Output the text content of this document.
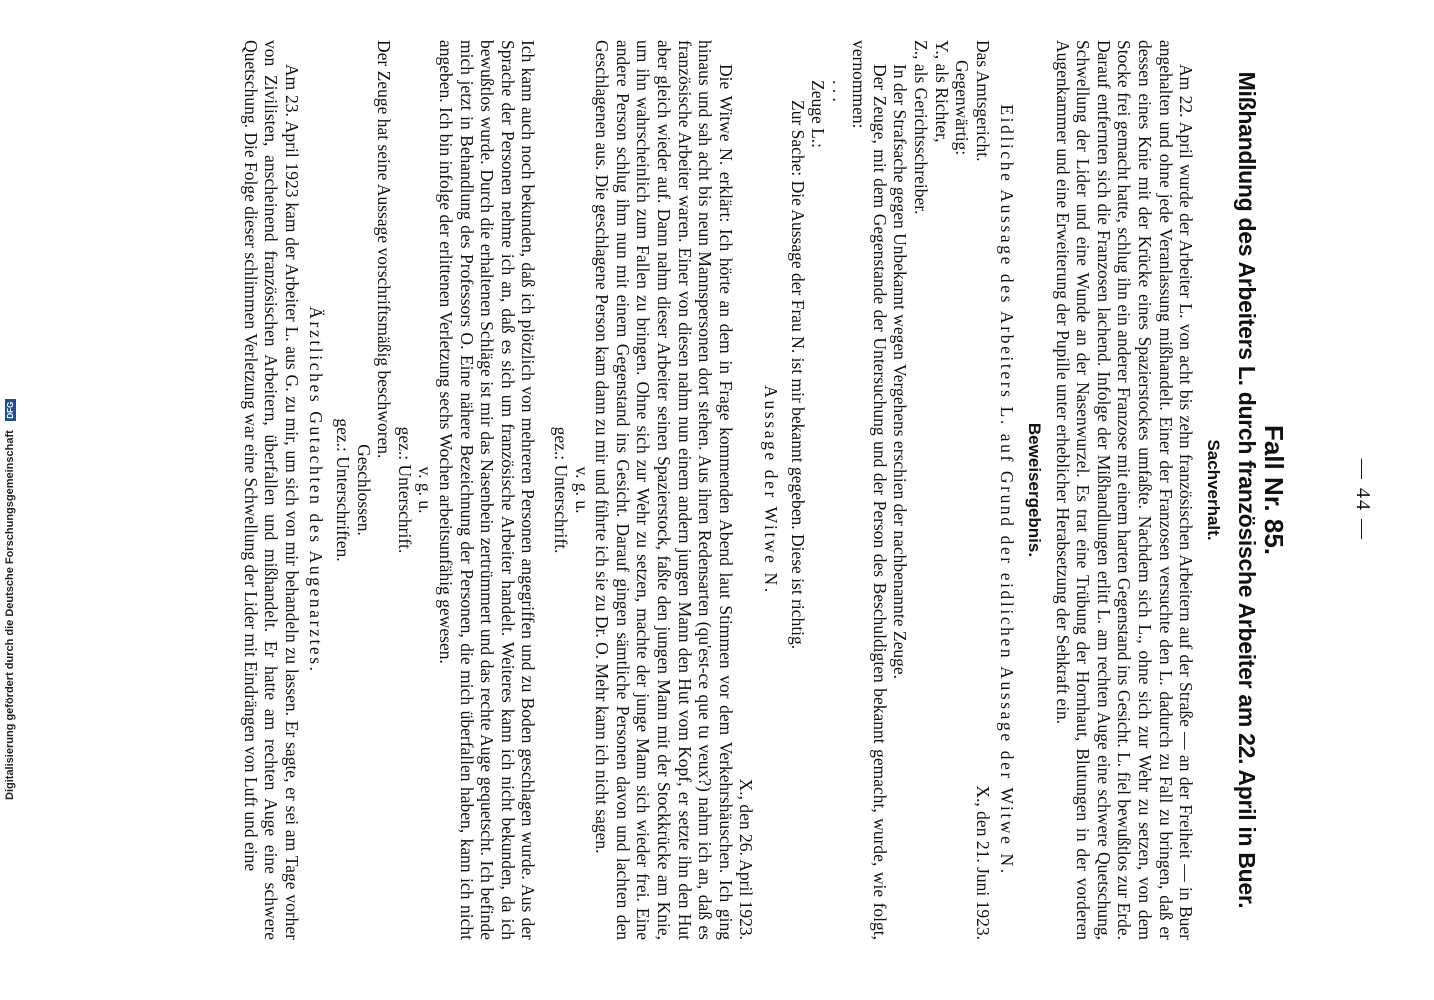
— 44 —
Fall Nr. 85.
Mißhandlung des Arbeiters L. durch französische Arbeiter am 22. April in Buer.
Sachverhalt.

Am 22. April wurde der Arbeiter L. von acht bis zehn französischen Arbeitern auf der Straße — an der Freiheit — in Buer angehalten und ohne jede Veranlassung mißhandelt. Einer der Franzosen versuchte den L. dadurch zu Fall zu bringen, daß er dessen eines Knie mit der Krücke eines Spazierstockes umfaßte. Nachdem sich L., ohne sich zur Wehr zu setzen, von dem Stocke frei gemacht hatte, schlug ihn ein anderer Franzose mit einem harten Gegenstand ins Gesicht. L. fiel bewußtlos zur Erde. Darauf entfernten sich die Franzosen lachend. Infolge der Mißhandlungen erlitt L. am rechten Auge eine schwere Quetschung, Schwellung der Lider und eine Wunde an der Nasenwurzel. Es trat eine Trübung der Hornhaut, Blutungen in der vorderen Augenkammer und eine Erweiterung der Pupille unter erheblicher Herabsetzung der Sehkraft ein.

Beweisergebnis.
Eidliche Aussage des Arbeiters L. auf Grund der eidlichen Aussage der Witwe N.
Das Amtsgericht.
X., den 21. Juni 1923.

Gegenwärtig:

Y., als Richter,

Z., als Gerichtsschreiber.

In der Strafsache gegen Unbekannt wegen Vergehens erschien der nachbenannte Zeuge.

Der Zeuge, mit dem Gegenstande der Untersuchung und der Person des Beschuldigten bekannt gemacht, wurde, wie folgt, vernommen:

. . .

Zeuge L.:

Zur Sache: Die Aussage der Frau N. ist mir bekannt gegeben. Diese ist richtig.

Aussage der Witwe N.

X., den 26. April 1923.

Die Witwe N. erklärt: Ich hörte an dem in Frage kommenden Abend laut Stimmen vor dem Verkehrshäuschen. Ich ging hinaus und sah acht bis neun Mannspersonen dort stehen. Aus ihren Redensarten (qu'est-ce que tu veux?) nahm ich an, daß es französische Arbeiter waren. Einer von diesen nahm nun einem andern jungen Mann den Hut vom Kopf, er setzte ihn den Hut aber gleich wieder auf. Dann nahm dieser Arbeiter seinen Spazierstock, faßte den jungen Mann mit der Stockkrücke am Knie, um ihn wahrscheinlich zum Fallen zu bringen. Ohne sich zur Wehr zu setzen, machte der junge Mann sich wieder frei. Eine andere Person schlug ihm nun mit einem Gegenstand ins Gesicht. Darauf gingen sämtliche Personen davon und lachten den Geschlagenen aus. Die geschlagene Person kam dann zu mir und führte ich sie zu Dr. O. Mehr kann ich nicht sagen.

v. g. u.

gez.: Unterschrift.

Ich kann auch noch bekunden, daß ich plötzlich von mehreren Personen angegriffen und zu Boden geschlagen wurde. Aus der Sprache der Personen nehme ich an, daß es sich um französische Arbeiter handelt. Weiteres kann ich nicht bekunden, da ich bewußtlos wurde. Durch die erhaltenen Schläge ist mir das Nasenbein zertrümmert und das rechte Auge gequetscht. Ich befinde mich jetzt in Behandlung des Professors O. Eine nähere Bezeichnung der Personen, die mich überfallen haben, kann ich nicht angeben. Ich bin infolge der erlittenen Verletzung sechs Wochen arbeitsunfähig gewesen.

v. g. u.

gez.: Unterschrift.

Der Zeuge hat seine Aussage vorschriftsmäßig beschworen.

Geschlossen.

gez.: Unterschriften.

Ärztliches Gutachten des Augenarztes.

Am 23. April 1923 kam der Arbeiter L. aus G. zu mir, um sich von mir behandeln zu lassen. Er sagte, er sei am Tage vorher von Zivilisten, anscheinend französischen Arbeitern, überfallen und mißhandelt. Er hatte am rechten Auge eine schwere Quetschung. Die Folge dieser schlimmen Verletzung war eine Schwellung der Lider mit Eindrängen von Luft und eine

Digitalisierung gefördert durch die Deutsche Forschungsgemeinschaft DFG
